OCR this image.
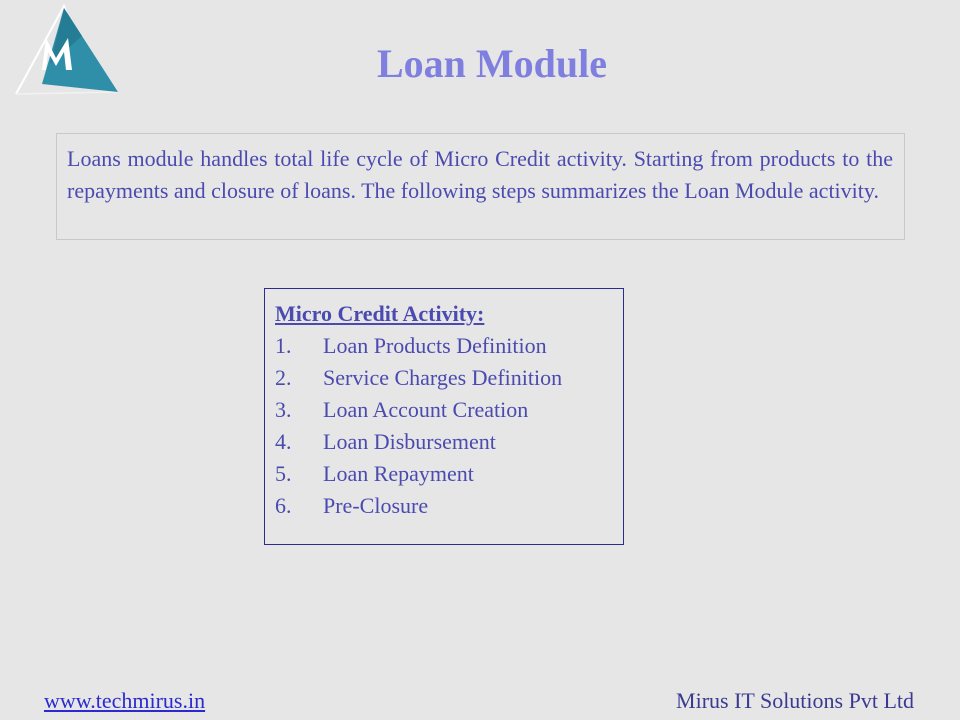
Loan Module
Loans module handles total life cycle of Micro Credit activity. Starting from products to the repayments and closure of loans. The following steps summarizes the Loan Module activity.
Micro Credit Activity:
1.	Loan Products Definition
2.	Service Charges Definition
3.	Loan Account Creation
4.	Loan Disbursement
5.	Loan Repayment
6.	Pre-Closure
www.techmirus.in	Mirus IT Solutions Pvt Ltd
